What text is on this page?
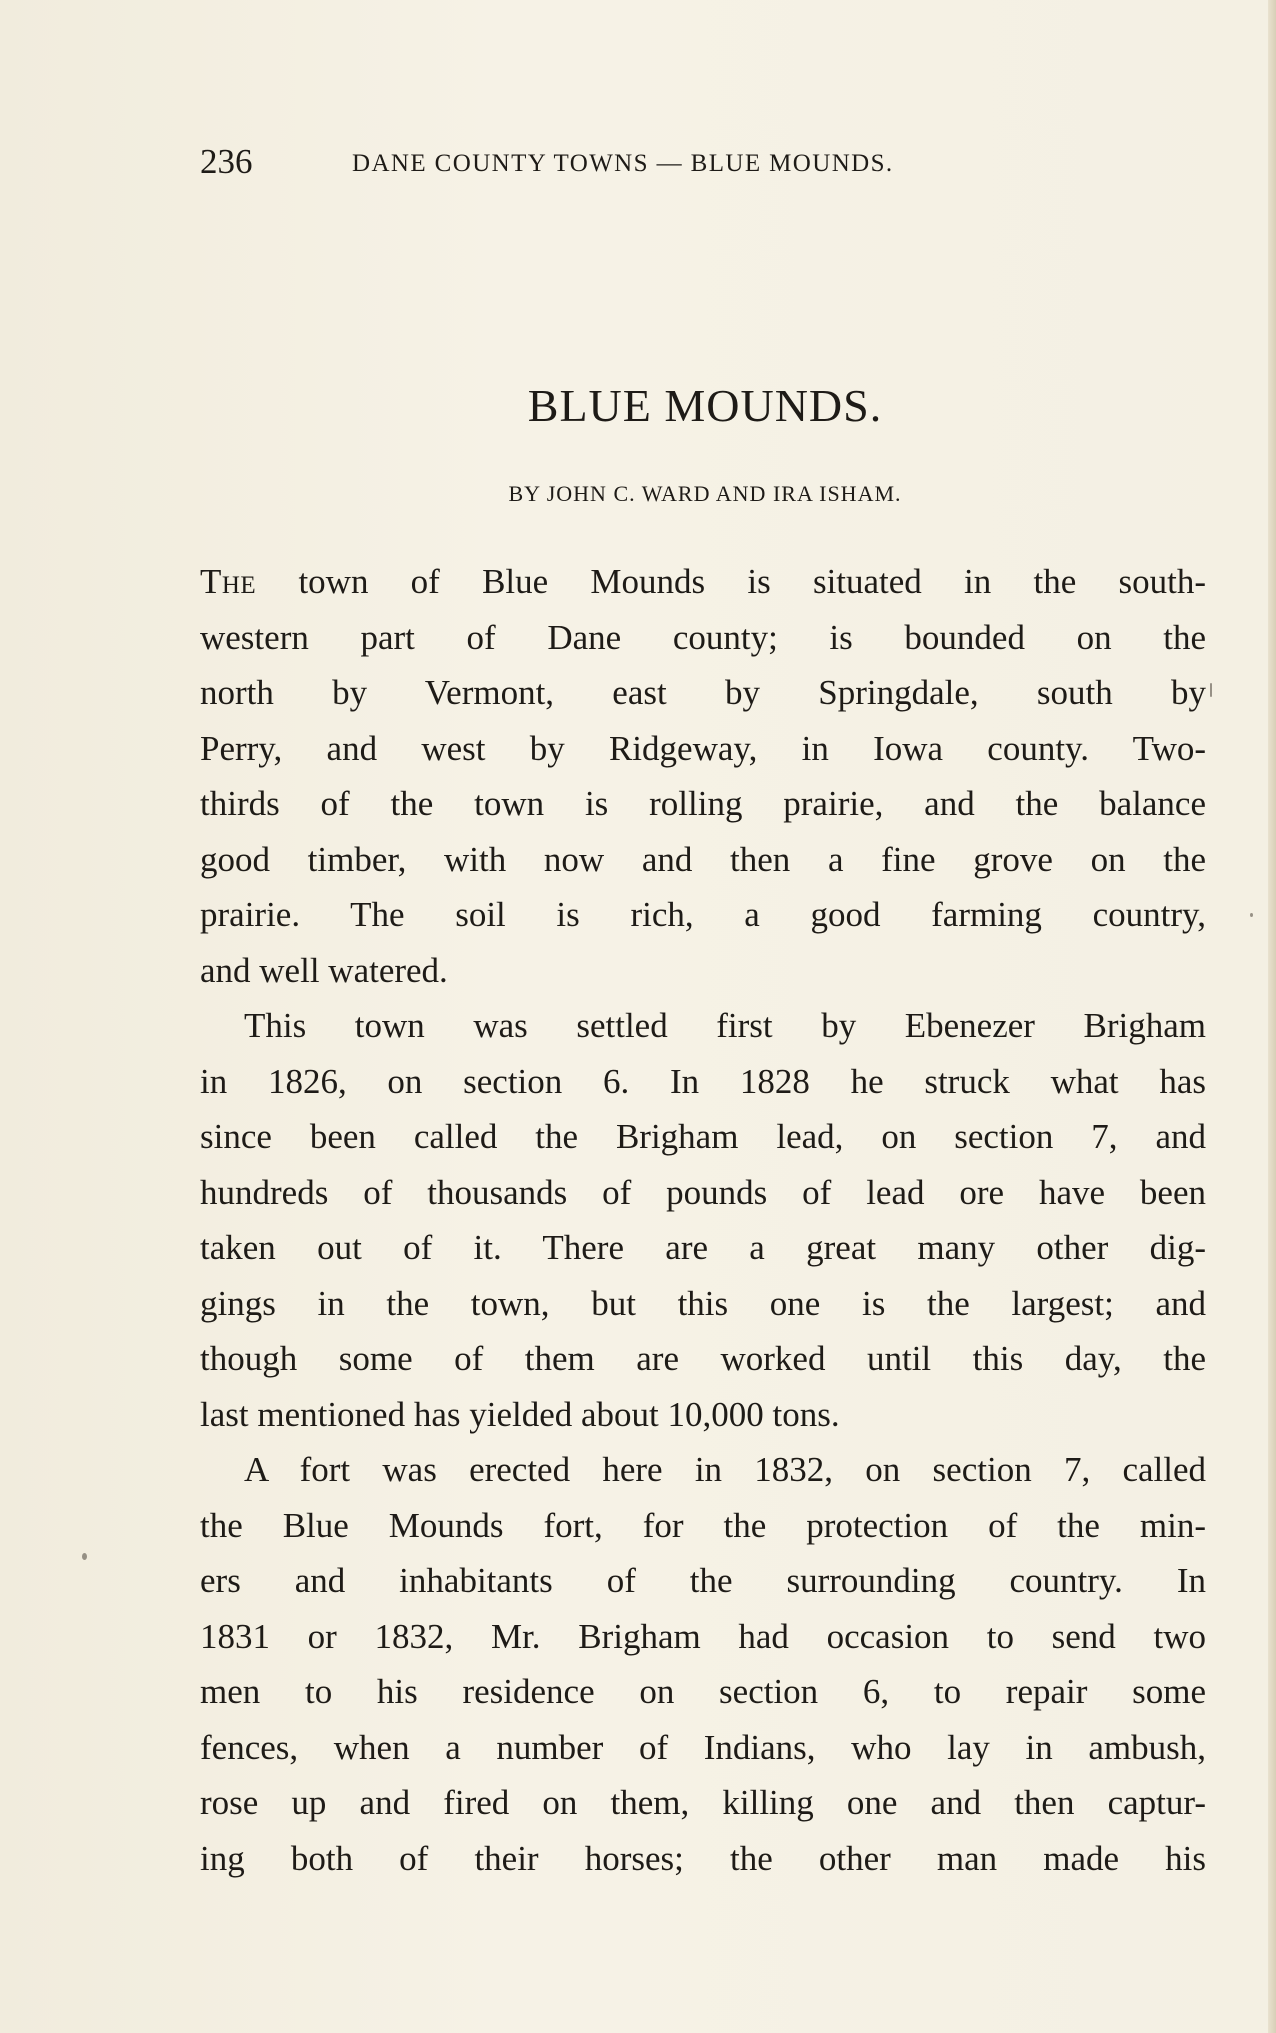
236	DANE COUNTY TOWNS — BLUE MOUNDS.
BLUE MOUNDS.
BY JOHN C. WARD AND IRA ISHAM.
The town of Blue Mounds is situated in the south-
western part of Dane county; is bounded on the
north by Vermont, east by Springdale, south by
Perry, and west by Ridgeway, in Iowa county. Two-
thirds of the town is rolling prairie, and the balance
good timber, with now and then a fine grove on the
prairie. The soil is rich, a good farming country,
and well watered.
This town was settled first by Ebenezer Brigham
in 1826, on section 6. In 1828 he struck what has
since been called the Brigham lead, on section 7, and
hundreds of thousands of pounds of lead ore have been
taken out of it. There are a great many other dig-
gings in the town, but this one is the largest; and
though some of them are worked until this day, the
last mentioned has yielded about 10,000 tons.
A fort was erected here in 1832, on section 7, called
the Blue Mounds fort, for the protection of the min-
ers and inhabitants of the surrounding country. In
1831 or 1832, Mr. Brigham had occasion to send two
men to his residence on section 6, to repair some
fences, when a number of Indians, who lay in ambush,
rose up and fired on them, killing one and then captur-
ing both of their horses; the other man made his
